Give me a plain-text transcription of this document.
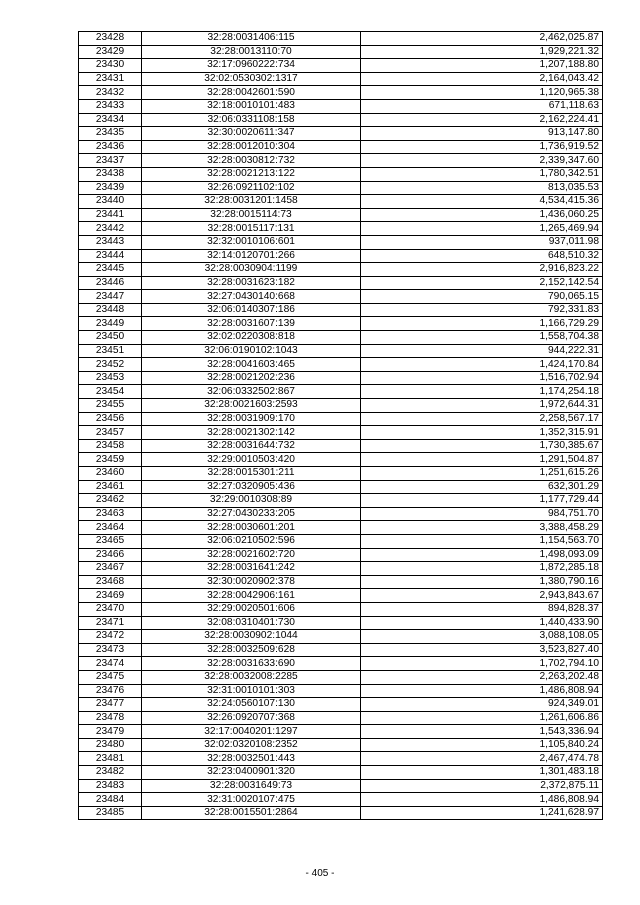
23428	32:28:0031406:115	2,462,025.87
23429	32:28:0013110:70	1,929,221.32
23430	32:17:0960222:734	1,207,188.80
23431	32:02:0530302:1317	2,164,043.42
23432	32:28:0042601:590	1,120,965.38
23433	32:18:0010101:483	671,118.63
23434	32:06:0331108:158	2,162,224.41
23435	32:30:0020611:347	913,147.80
23436	32:28:0012010:304	1,736,919.52
23437	32:28:0030812:732	2,339,347.60
23438	32:28:0021213:122	1,780,342.51
23439	32:26:0921102:102	813,035.53
23440	32:28:0031201:1458	4,534,415.36
23441	32:28:0015114:73	1,436,060.25
23442	32:28:0015117:131	1,265,469.94
23443	32:32:0010106:601	937,011.98
23444	32:14:0120701:266	648,510.32
23445	32:28:0030904:1199	2,916,823.22
23446	32:28:0031623:182	2,152,142.54
23447	32:27:0430140:668	790,065.15
23448	32:06:0140307:186	792,331.83
23449	32:28:0031607:139	1,166,729.29
23450	32:02:0220308:818	1,558,704.38
23451	32:06:0190102:1043	944,222.31
23452	32:28:0041603:465	1,424,170.84
23453	32:28:0021202:236	1,516,702.94
23454	32:06:0332502:867	1,174,254.18
23455	32:28:0021603:2593	1,972,644.31
23456	32:28:0031909:170	2,258,567.17
23457	32:28:0021302:142	1,352,315.91
23458	32:28:0031644:732	1,730,385.67
23459	32:29:0010503:420	1,291,504.87
23460	32:28:0015301:211	1,251,615.26
23461	32:27:0320905:436	632,301.29
23462	32:29:0010308:89	1,177,729.44
23463	32:27:0430233:205	984,751.70
23464	32:28:0030601:201	3,388,458.29
23465	32:06:0210502:596	1,154,563.70
23466	32:28:0021602:720	1,498,093.09
23467	32:28:0031641:242	1,872,285.18
23468	32:30:0020902:378	1,380,790.16
23469	32:28:0042906:161	2,943,843.67
23470	32:29:0020501:606	894,828.37
23471	32:08:0310401:730	1,440,433.90
23472	32:28:0030902:1044	3,088,108.05
23473	32:28:0032509:628	3,523,827.40
23474	32:28:0031633:690	1,702,794.10
23475	32:28:0032008:2285	2,263,202.48
23476	32:31:0010101:303	1,486,808.94
23477	32:24:0560107:130	924,349.01
23478	32:26:0920707:368	1,261,606.86
23479	32:17:0040201:1297	1,543,336.94
23480	32:02:0320108:2352	1,105,840.24
23481	32:28:0032501:443	2,467,474.78
23482	32:23:0400901:320	1,301,483.18
23483	32:28:0031649:73	2,372,875.11
23484	32:31:0020107:475	1,486,808.94
23485	32:28:0015501:2864	1,241,628.97
- 405 -
